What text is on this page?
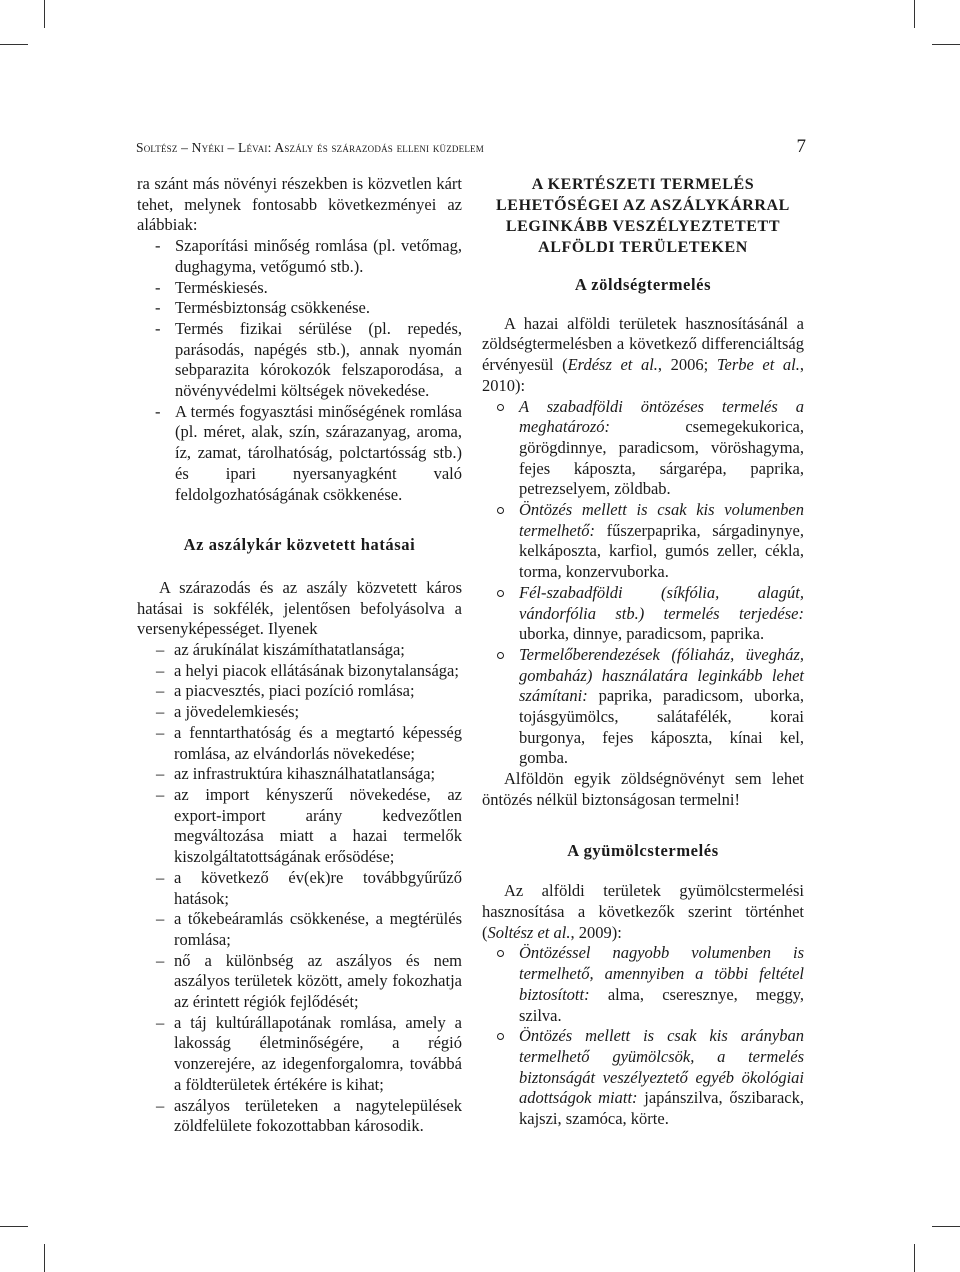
Soltész – Nyéki – Lévai: Aszály és szárazodás elleni küzdelem	7

ra szánt más növényi részekben is közvetlen kárt tehet, melynek fontosabb következményei az alábbiak:

- Szaporítási minőség romlása (pl. vetőmag, dughagyma, vetőgumó stb.).
- Terméskiesés.
- Termésbiztonság csökkenése.
- Termés fizikai sérülése (pl. repedés, parásodás, napégés stb.), annak nyomán sebparazita kórokozók felszaporodása, a növényvédelmi költségek növekedése.
- A termés fogyasztási minőségének romlása (pl. méret, alak, szín, szárazanyag, aroma, íz, zamat, tárolhatóság, polctartósság stb.) és ipari nyersanyagként való feldolgozhatóságának csökkenése.

Az aszálykár közvetett hatásai

A szárazodás és az aszály közvetett káros hatásai is sokfélék, jelentősen befolyásolva a versenyképességet. Ilyenek

– az árukínálat kiszámíthatatlansága;
– a helyi piacok ellátásának bizonytalansága;
– a piacvesztés, piaci pozíció romlása;
– a jövedelemkiesés;
– a fenntarthatóság és a megtartó képesség romlása, az elvándorlás növekedése;
– az infrastruktúra kihasználhatatlansága;
– az import kényszerű növekedése, az export-import arány kedvezőtlen megváltozása miatt a hazai termelők kiszolgáltatottságának erősödése;
– a következő év(ek)re továbbgyűrűző hatások;
– a tőkebeáramlás csökkenése, a megtérülés romlása;
– nő a különbség az aszályos és nem aszályos területek között, amely fokozhatja az érintett régiók fejlődését;
– a táj kultúrállapotának romlása, amely a lakosság életminőségére, a régió vonzerejére, az idegenforgalomra, továbbá a földterületek értékére is kihat;
– aszályos területeken a nagytelepülések zöldfelülete fokozottabban károsodik.

A KERTÉSZETI TERMELÉS LEHETŐSÉGEI AZ ASZÁLYKÁRRAL LEGINKÁBB VESZÉLYEZTETETT ALFÖLDI TERÜLETEKEN

A zöldségtermelés

A hazai alföldi területek hasznosításánál a zöldségtermelésben a következő differenciáltság érvényesül (Erdész et al., 2006; Terbe et al., 2010):

A szabadföldi öntözéses termelés a meghatározó: csemegekukorica, görögdinnye, paradicsom, vöröshagyma, fejes káposzta, sárgarépa, paprika, petrezselyem, zöldbab.
Öntözés mellett is csak kis volumenben termelhető: fűszerpaprika, sárgadinynye, kelkáposzta, karfiol, gumós zeller, cékla, torma, konzervuborka.
Fél-szabadföldi (síkfólia, alagút, vándorfólia stb.) termelés terjedése: uborka, dinnye, paradicsom, paprika.
Termelőberendezések (fóliaház, üvegház, gombaház) használatára leginkább lehet számítani: paprika, paradicsom, uborka, tojásgyümölcs, salátafélék, korai burgonya, fejes káposzta, kínai kel, gomba.

Alföldön egyik zöldségnövényt sem lehet öntözés nélkül biztonságosan termelni!

A gyümölcstermelés

Az alföldi területek gyümölcstermelési hasznosítása a következők szerint történhet (Soltész et al., 2009):

Öntözéssel nagyobb volumenben is termelhető, amennyiben a többi feltétel biztosított: alma, cseresznye, meggy, szilva.
Öntözés mellett is csak kis arányban termelhető gyümölcsök, a termelés biztonságát veszélyeztető egyéb ökológiai adottságok miatt: japánszilva, őszibarack, kajszi, szamóca, körte.
